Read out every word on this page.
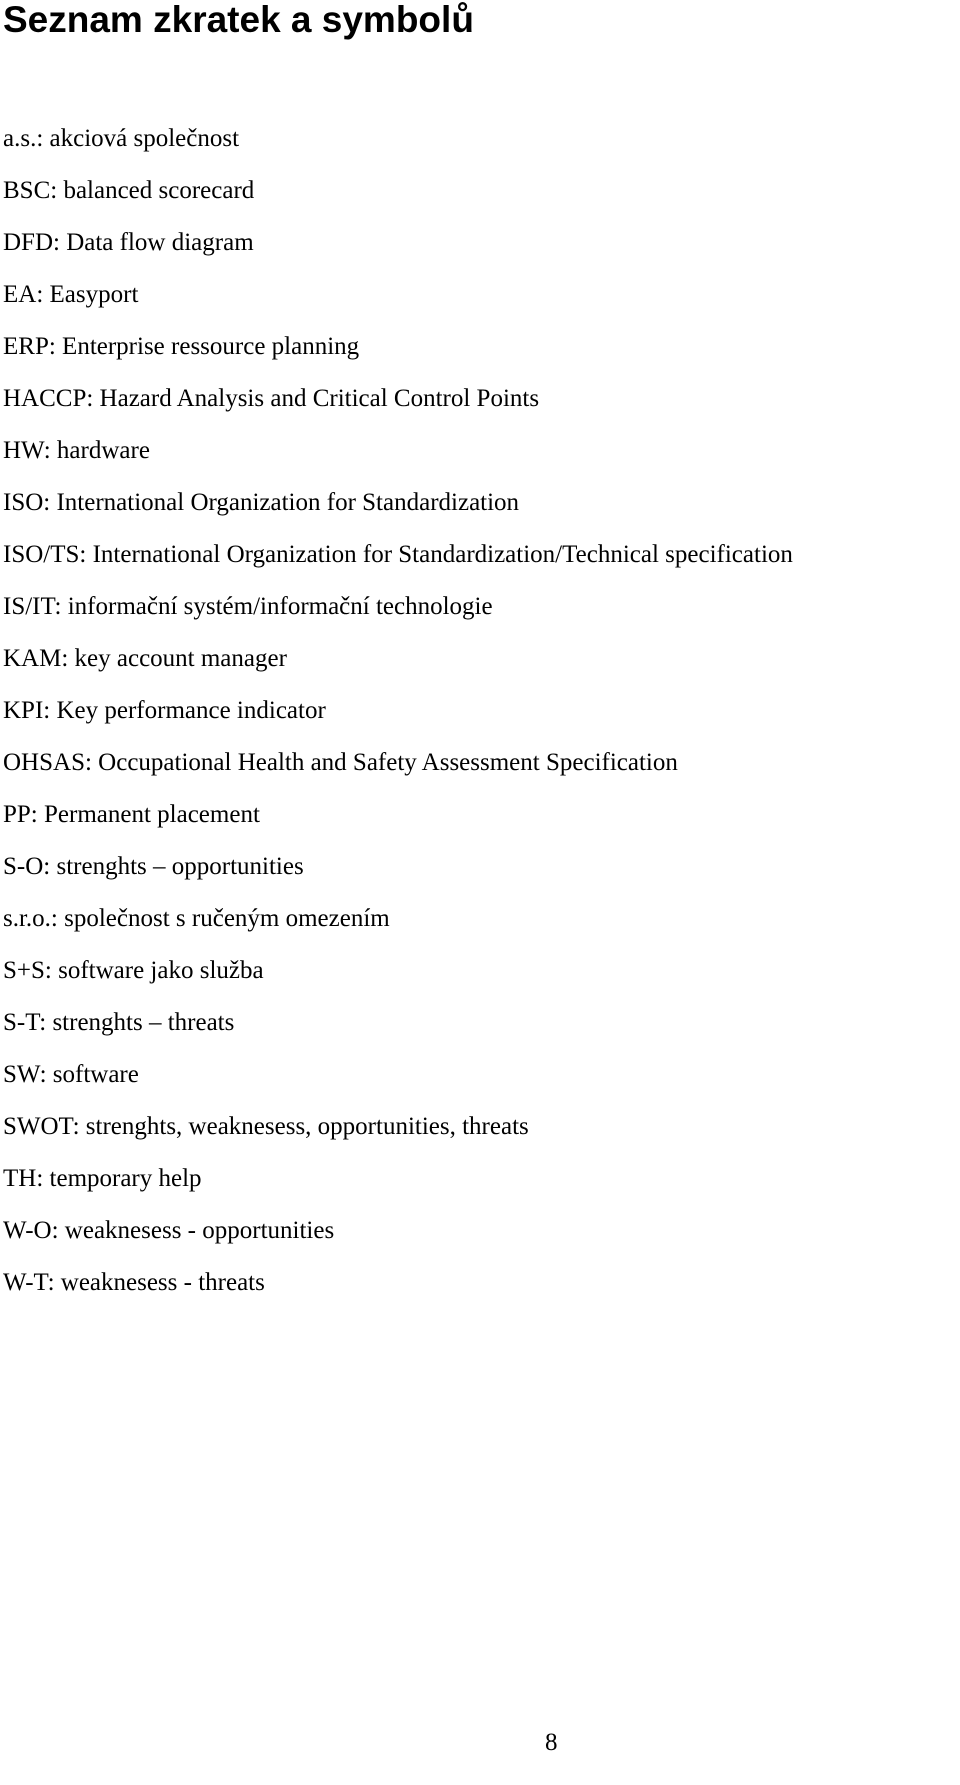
Seznam zkratek a symbolů
a.s.: akciová společnost
BSC: balanced scorecard
DFD: Data flow diagram
EA: Easyport
ERP: Enterprise ressource planning
HACCP: Hazard Analysis and Critical Control Points
HW: hardware
ISO: International Organization for Standardization
ISO/TS: International Organization for Standardization/Technical specification
IS/IT: informační systém/informační technologie
KAM: key account manager
KPI: Key performance indicator
OHSAS: Occupational Health and Safety Assessment Specification
PP: Permanent placement
S-O: strenghts – opportunities
s.r.o.: společnost s ručeným omezením
S+S: software jako služba
S-T: strenghts – threats
SW: software
SWOT: strenghts, weaknesess, opportunities, threats
TH: temporary help
W-O: weaknesess - opportunities
W-T: weaknesess - threats
8
